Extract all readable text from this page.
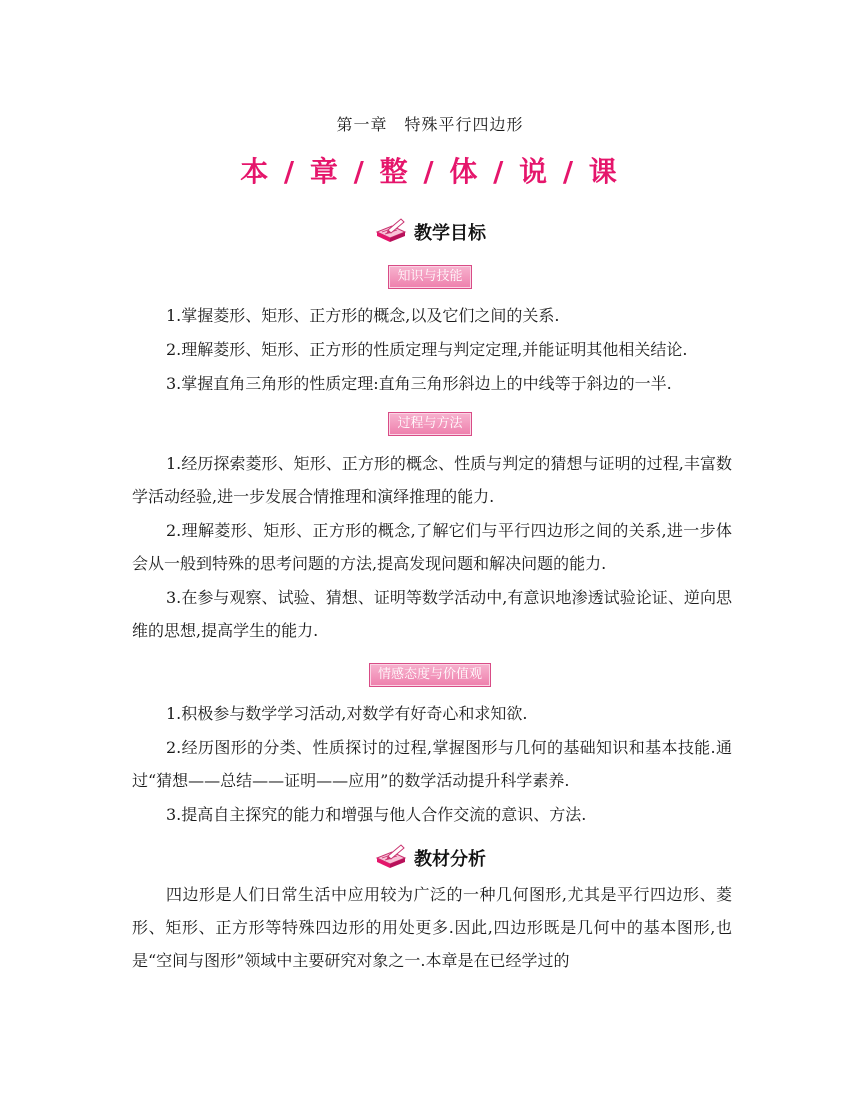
第一章　特殊平行四边形
本 / 章 / 整 / 体 / 说 / 课
教学目标
知识与技能

1.掌握菱形、矩形、正方形的概念,以及它们之间的关系.

2.理解菱形、矩形、正方形的性质定理与判定定理,并能证明其他相关结论.

3.掌握直角三角形的性质定理:直角三角形斜边上的中线等于斜边的一半.

过程与方法

1.经历探索菱形、矩形、正方形的概念、性质与判定的猜想与证明的过程,丰富数学活动经验,进一步发展合情推理和演绎推理的能力.

2.理解菱形、矩形、正方形的概念,了解它们与平行四边形之间的关系,进一步体会从一般到特殊的思考问题的方法,提高发现问题和解决问题的能力.

3.在参与观察、试验、猜想、证明等数学活动中,有意识地渗透试验论证、逆向思维的思想,提高学生的能力.

情感态度与价值观

1.积极参与数学学习活动,对数学有好奇心和求知欲.

2.经历图形的分类、性质探讨的过程,掌握图形与几何的基础知识和基本技能.通过“猜想——总结——证明——应用”的数学活动提升科学素养.

3.提高自主探究的能力和增强与他人合作交流的意识、方法.

教材分析

四边形是人们日常生活中应用较为广泛的一种几何图形,尤其是平行四边形、菱形、矩形、正方形等特殊四边形的用处更多.因此,四边形既是几何中的基本图形,也是“空间与图形”领域中主要研究对象之一.本章是在已经学过的
